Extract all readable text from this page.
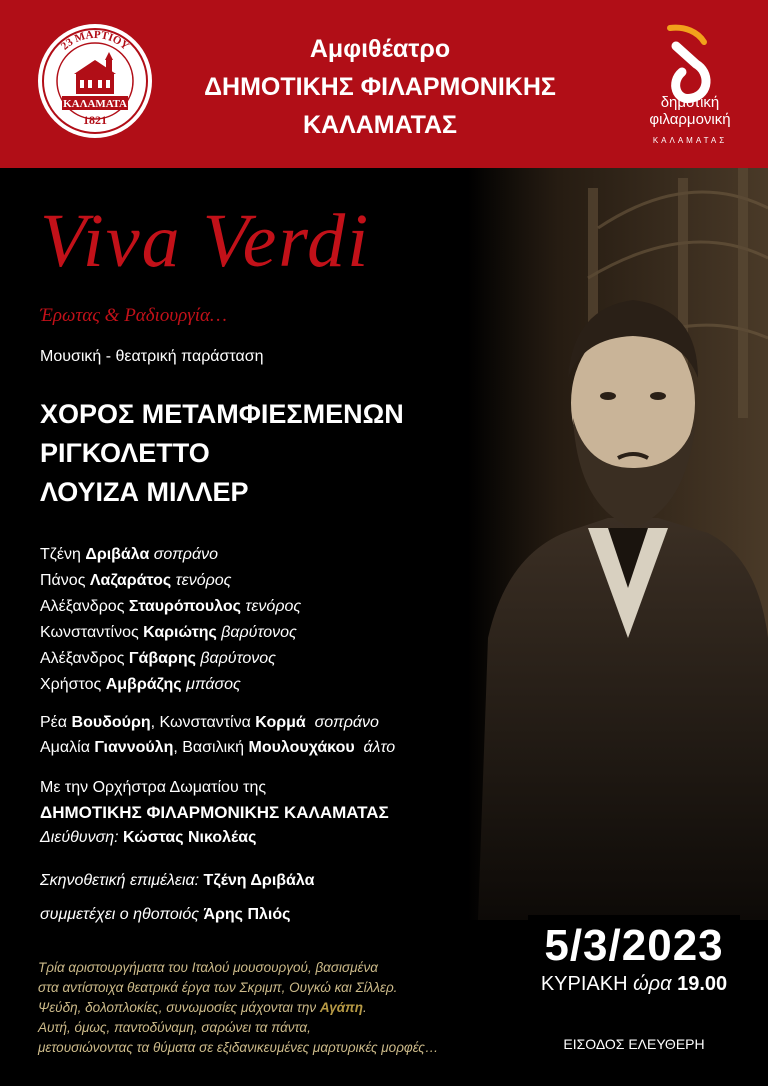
23 ΜΑΡΤΙΟΥ
ΚΑΛΑΜΑΤΑ
1821
Αμφιθέατρο
ΔΗΜΟΤΙΚΗΣ ΦΙΛΑΡΜΟΝΙΚΗΣ
ΚΑΛΑΜΑΤΑΣ
δημοτική
φιλαρμονική
ΚΑΛΑΜΑΤΑΣ
Viva Verdi
Έρωτας & Ραδιουργία…
Μουσική - θεατρική παράσταση
ΧΟΡΟΣ ΜΕΤΑΜΦΙΕΣΜΕΝΩΝ
ΡΙΓΚΟΛΕΤΤΟ
ΛΟΥΙΖΑ ΜΙΛΛΕΡ
Τζένη Δριβάλα σοπράνο
Πάνος Λαζαράτος τενόρος
Αλέξανδρος Σταυρόπουλος τενόρος
Κωνσταντίνος Καριώτης βαρύτονος
Αλέξανδρος Γάβαρης βαρύτονος
Χρήστος Αμβράζης μπάσος
Ρέα Βουδούρη, Κωνσταντίνα Κορμά σοπράνο
Αμαλία Γιαννούλη, Βασιλική Μουλουχάκου άλτο
Με την Ορχήστρα Δωματίου της
ΔΗΜΟΤΙΚΗΣ ΦΙΛΑΡΜΟΝΙΚΗΣ ΚΑΛΑΜΑΤΑΣ
Διεύθυνση: Κώστας Νικολέας
Σκηνοθετική επιμέλεια: Τζένη Δριβάλα
συμμετέχει ο ηθοποιός Άρης Πλιός
Τρία αριστουργήματα του Ιταλού μουσουργού, βασισμένα
στα αντίστοιχα θεατρικά έργα των Σκριμπ, Ουγκώ και Σίλλερ.
Ψεύδη, δολοπλοκίες, συνωμοσίες μάχονται την Αγάπη.
Αυτή, όμως, παντοδύναμη, σαρώνει τα πάντα,
μετουσιώνοντας τα θύματα σε εξιδανικευμένες μαρτυρικές μορφές…
5/3/2023
ΚΥΡΙΑΚΗ ώρα 19.00
ΕΙΣΟΔΟΣ ΕΛΕΥΘΕΡΗ
